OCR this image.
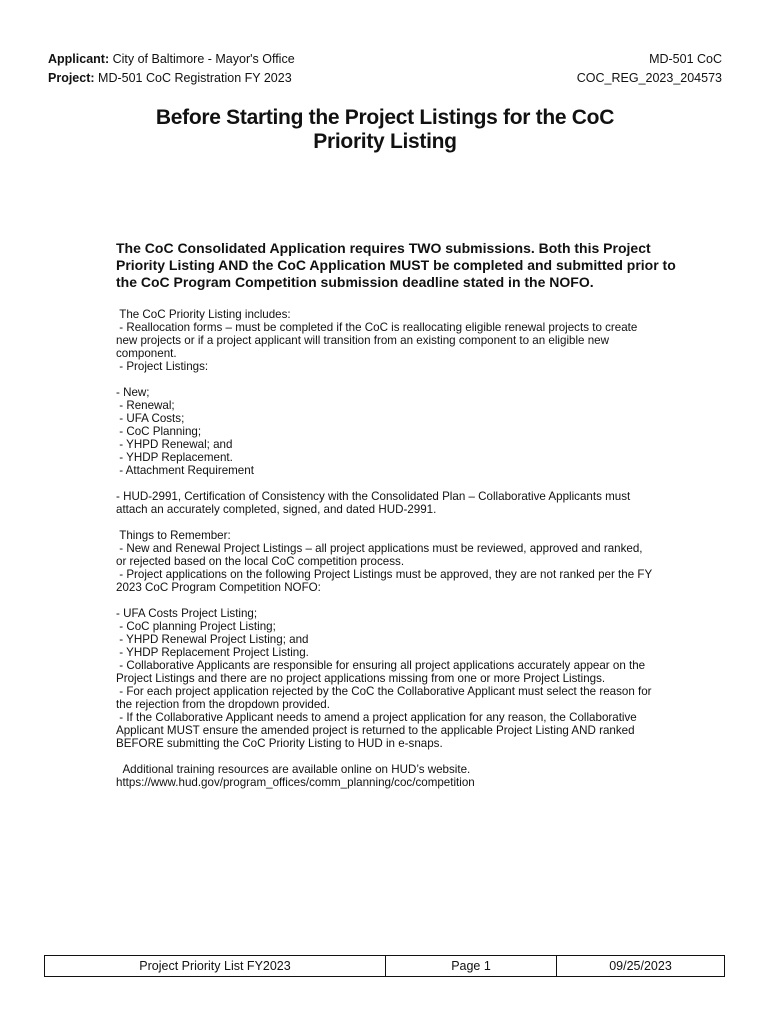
Applicant: City of Baltimore - Mayor's Office
Project: MD-501 CoC Registration FY 2023
MD-501 CoC
COC_REG_2023_204573
Before Starting the Project Listings for the CoC
Priority Listing
The CoC Consolidated Application requires TWO submissions. Both this Project Priority Listing AND the CoC Application MUST be completed and submitted prior to the CoC Program Competition submission deadline stated in the NOFO.

The CoC Priority Listing includes:

- Reallocation forms – must be completed if the CoC is reallocating eligible renewal projects to create new projects or if a project applicant will transition from an existing component to an eligible new component.

- Project Listings:

- New;

- Renewal;

- UFA Costs;

- CoC Planning;

- YHPD Renewal; and

- YHDP Replacement.

- Attachment Requirement

- HUD-2991, Certification of Consistency with the Consolidated Plan – Collaborative Applicants must attach an accurately completed, signed, and dated HUD-2991.

Things to Remember:

- New and Renewal Project Listings – all project applications must be reviewed, approved and ranked, or rejected based on the local CoC competition process.

- Project applications on the following Project Listings must be approved, they are not ranked per the FY 2023 CoC Program Competition NOFO:

- UFA Costs Project Listing;

- CoC planning Project Listing;

- YHPD Renewal Project Listing; and

- YHDP Replacement Project Listing.

- Collaborative Applicants are responsible for ensuring all project applications accurately appear on the Project Listings and there are no project applications missing from one or more Project Listings.

- For each project application rejected by the CoC the Collaborative Applicant must select the reason for the rejection from the dropdown provided.

- If the Collaborative Applicant needs to amend a project application for any reason, the Collaborative Applicant MUST ensure the amended project is returned to the applicable Project Listing AND ranked BEFORE submitting the CoC Priority Listing to HUD in e-snaps.

Additional training resources are available online on HUD’s website.

https://www.hud.gov/program_offices/comm_planning/coc/competition

Project Priority List FY2023	Page 1	09/25/2023
